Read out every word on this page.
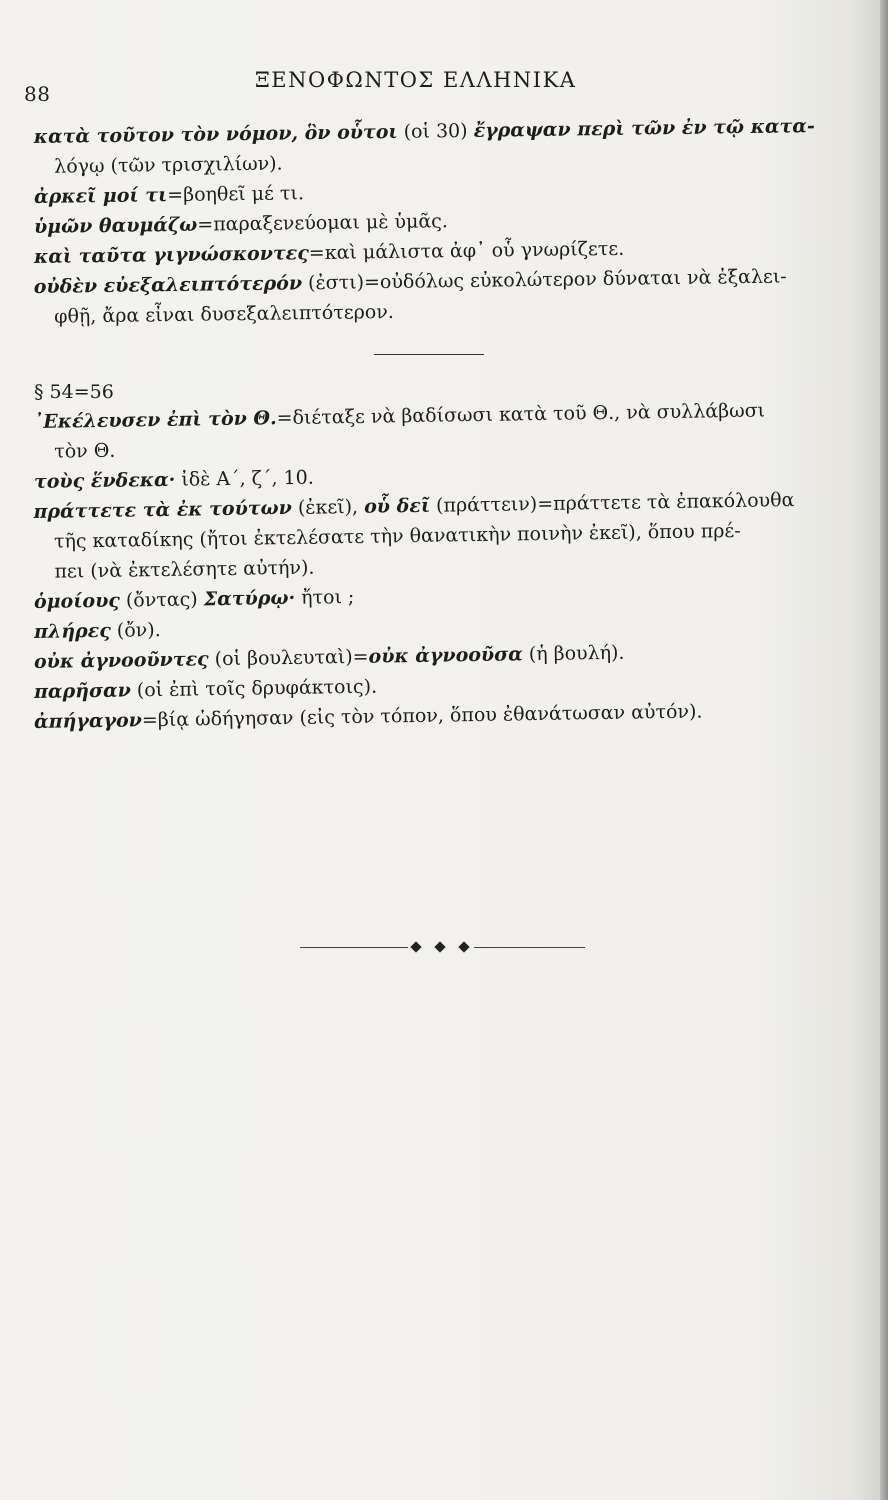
88
ΞΕΝΟΦΩΝΤΟΣ ΕΛΛΗΝΙΚΑ

κατὰ τοῦτον τὸν νόμον, ὃν οὗτοι (οἱ 30) ἔγραψαν περὶ τῶν ἐν τῷ κατα-
λόγῳ (τῶν τρισχιλίων).

ἀρκεῖ μοί τι=βοηθεῖ μέ τι.

ὑμῶν θαυμάζω=παραξενεύομαι μὲ ὑμᾶς.

καὶ ταῦτα γιγνώσκοντες=καὶ μάλιστα ἀφ᾽ οὗ γνωρίζετε.

οὐδὲν εὐεξαλειπτότερόν (ἐστι)=οὐδόλως εὐκολώτερον δύναται νὰ ἐξαλει-
φθῇ, ἄρα εἶναι δυσεξαλειπτότερον.

§ 54=56

᾽Εκέλευσεν ἐπὶ τὸν Θ.=διέταξε νὰ βαδίσωσι κατὰ τοῦ Θ., νὰ συλλάβωσι
τὸν Θ.

τοὺς ἕνδεκα· ἰδὲ Α΄, ζ΄, 10.

πράττετε τὰ ἐκ τούτων (ἐκεῖ), οὗ δεῖ (πράττειν)=πράττετε τὰ ἐπακόλουθα
τῆς καταδίκης (ἤτοι ἐκτελέσατε τὴν θανατικὴν ποινὴν ἐκεῖ), ὅπου πρέ-
πει (νὰ ἐκτελέσητε αὐτήν).

ὁμοίους (ὄντας) Σατύρῳ· ἤτοι ;

πλήρες (ὄν).

οὐκ ἀγνοοῦντες (οἱ βουλευταὶ)=οὐκ ἀγνοοῦσα (ἡ βουλή).

παρῆσαν (οἱ ἐπὶ τοῖς δρυφάκτοις).

ἀπήγαγον=βίᾳ ὡδήγησαν (εἰς τὸν τόπον, ὅπου ἐθανάτωσαν αὐτόν).
